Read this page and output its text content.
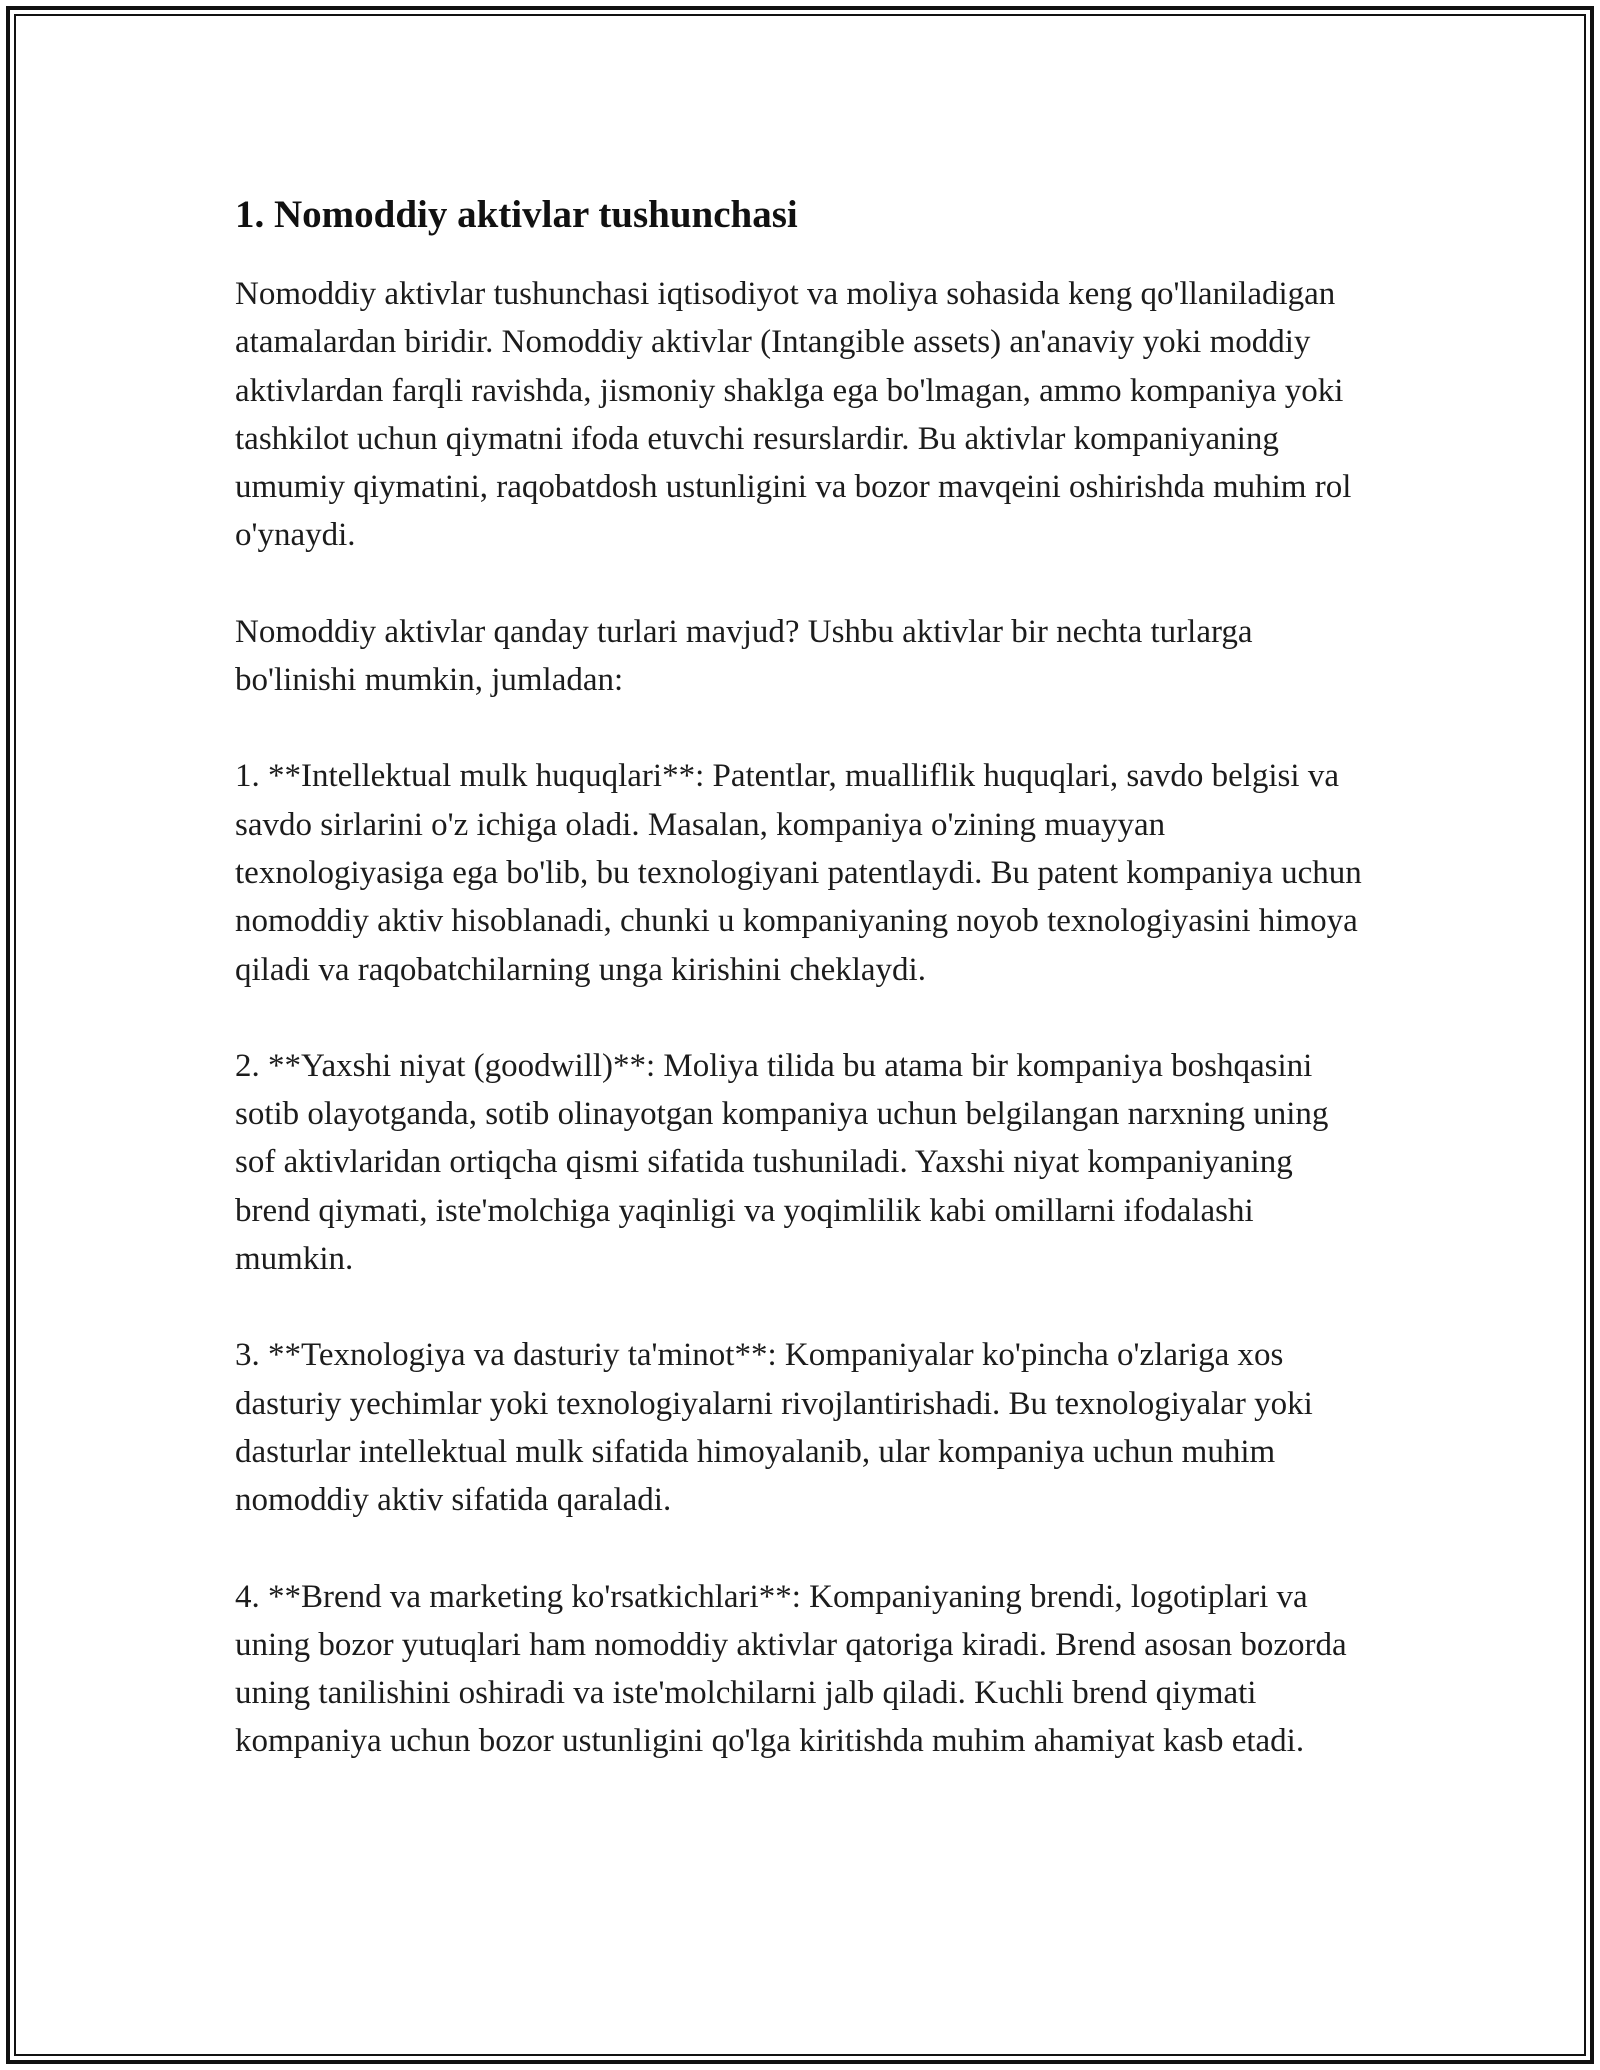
1. Nomoddiy aktivlar tushunchasi

Nomoddiy aktivlar tushunchasi iqtisodiyot va moliya sohasida keng qo'llaniladigan atamalardan biridir. Nomoddiy aktivlar (Intangible assets) an'anaviy yoki moddiy aktivlardan farqli ravishda, jismoniy shaklga ega bo'lmagan, ammo kompaniya yoki tashkilot uchun qiymatni ifoda etuvchi resurslardir. Bu aktivlar kompaniyaning umumiy qiymatini, raqobatdosh ustunligini va bozor mavqeini oshirishda muhim rol o'ynaydi.

Nomoddiy aktivlar qanday turlari mavjud? Ushbu aktivlar bir nechta turlarga bo'linishi mumkin, jumladan:

1. **Intellektual mulk huquqlari**: Patentlar, mualliflik huquqlari, savdo belgisi va savdo sirlarini o'z ichiga oladi. Masalan, kompaniya o'zining muayyan texnologiyasiga ega bo'lib, bu texnologiyani patentlaydi. Bu patent kompaniya uchun nomoddiy aktiv hisoblanadi, chunki u kompaniyaning noyob texnologiyasini himoya qiladi va raqobatchilarning unga kirishini cheklaydi.

2. **Yaxshi niyat (goodwill)**: Moliya tilida bu atama bir kompaniya boshqasini sotib olayotganda, sotib olinayotgan kompaniya uchun belgilangan narxning uning sof aktivlaridan ortiqcha qismi sifatida tushuniladi. Yaxshi niyat kompaniyaning brend qiymati, iste'molchiga yaqinligi va yoqimlilik kabi omillarni ifodalashi mumkin.

3. **Texnologiya va dasturiy ta'minot**: Kompaniyalar ko'pincha o'zlariga xos dasturiy yechimlar yoki texnologiyalarni rivojlantirishadi. Bu texnologiyalar yoki dasturlar intellektual mulk sifatida himoyalanib, ular kompaniya uchun muhim nomoddiy aktiv sifatida qaraladi.

4. **Brend va marketing ko'rsatkichlari**: Kompaniyaning brendi, logotiplari va uning bozor yutuqlari ham nomoddiy aktivlar qatoriga kiradi. Brend asosan bozorda uning tanilishini oshiradi va iste'molchilarni jalb qiladi. Kuchli brend qiymati kompaniya uchun bozor ustunligini qo'lga kiritishda muhim ahamiyat kasb etadi.
